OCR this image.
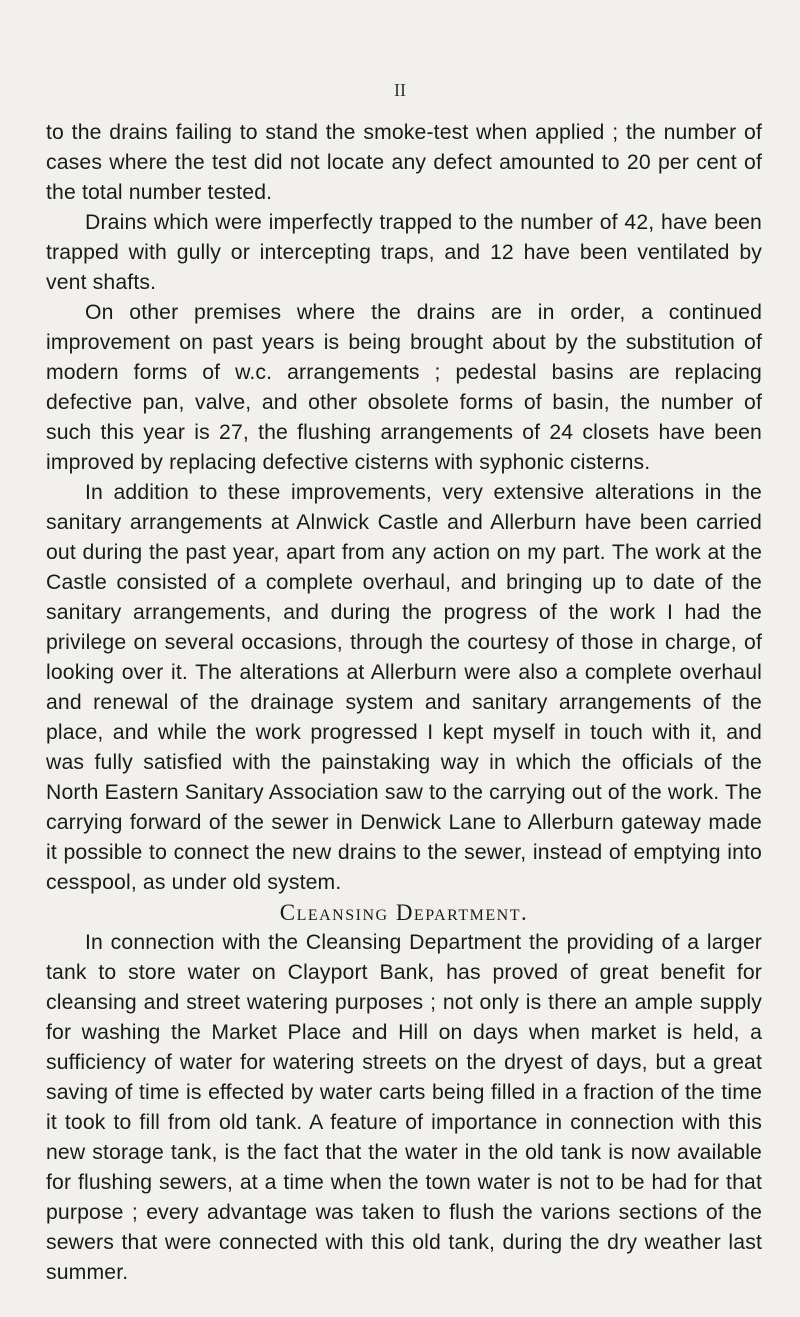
II

to the drains failing to stand the smoke-test when applied ; the number of cases where the test did not locate any defect amounted to 20 per cent of the total number tested.

Drains which were imperfectly trapped to the number of 42, have been trapped with gully or intercepting traps, and 12 have been ventilated by vent shafts.

On other premises where the drains are in order, a continued improvement on past years is being brought about by the substitution of modern forms of w.c. arrangements ; pedestal basins are replacing defective pan, valve, and other obsolete forms of basin, the number of such this year is 27, the flushing arrangements of 24 closets have been improved by replacing defective cisterns with syphonic cisterns.

In addition to these improvements, very extensive alterations in the sanitary arrangements at Alnwick Castle and Allerburn have been carried out during the past year, apart from any action on my part. The work at the Castle consisted of a complete overhaul, and bringing up to date of the sanitary arrangements, and during the progress of the work I had the privilege on several occasions, through the courtesy of those in charge, of looking over it. The alterations at Allerburn were also a complete overhaul and renewal of the drainage system and sanitary arrangements of the place, and while the work progressed I kept myself in touch with it, and was fully satisfied with the painstaking way in which the officials of the North Eastern Sanitary Association saw to the carrying out of the work. The carrying forward of the sewer in Denwick Lane to Allerburn gateway made it possible to connect the new drains to the sewer, instead of emptying into cesspool, as under old system.

Cleansing Department.

In connection with the Cleansing Department the providing of a larger tank to store water on Clayport Bank, has proved of great benefit for cleansing and street watering purposes ; not only is there an ample supply for washing the Market Place and Hill on days when market is held, a sufficiency of water for watering streets on the dryest of days, but a great saving of time is effected by water carts being filled in a fraction of the time it took to fill from old tank. A feature of importance in connection with this new storage tank, is the fact that the water in the old tank is now available for flushing sewers, at a time when the town water is not to be had for that purpose ; every advantage was taken to flush the varions sections of the sewers that were connected with this old tank, during the dry weather last summer.
